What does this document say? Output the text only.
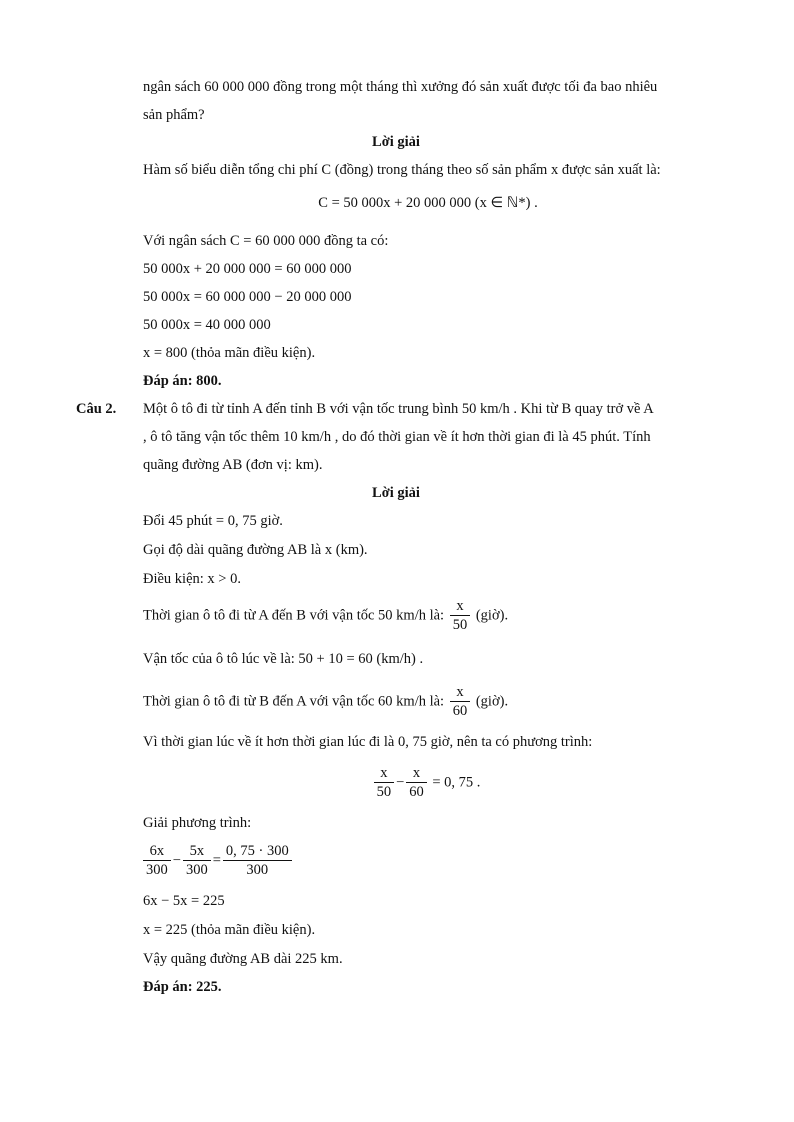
ngân sách 60 000 000 đồng trong một tháng thì xưởng đó sản xuất được tối đa bao nhiêu
sản phẩm?
Lời giải
Hàm số biểu diễn tổng chi phí C (đồng) trong tháng theo số sản phẩm x được sản xuất là:
C = 50 000x + 20 000 000 (x ∈ ℕ*) .
Với ngân sách C = 60 000 000 đồng ta có:
50 000x + 20 000 000 = 60 000 000
50 000x = 60 000 000 − 20 000 000
50 000x = 40 000 000
x = 800 (thỏa mãn điều kiện).
Đáp án: 800.
Câu 2. Một ô tô đi từ tỉnh A đến tỉnh B với vận tốc trung bình 50 km/h . Khi từ B quay trở về A
, ô tô tăng vận tốc thêm 10 km/h , do đó thời gian về ít hơn thời gian đi là 45 phút. Tính
quãng đường AB (đơn vị: km).
Lời giải
Đổi 45 phút = 0, 75 giờ.
Gọi độ dài quãng đường AB là x (km).
Điều kiện: x > 0.
Thời gian ô tô đi từ A đến B với vận tốc 50 km/h là: $\frac{x}{50}$ (giờ).
Vận tốc của ô tô lúc về là: 50 + 10 = 60 (km/h) .
Thời gian ô tô đi từ B đến A với vận tốc 60 km/h là: $\frac{x}{60}$ (giờ).
Vì thời gian lúc về ít hơn thời gian lúc đi là 0, 75 giờ, nên ta có phương trình:
$\frac{x}{50} - \frac{x}{60} = 0$, 75 .
Giải phương trình:
$\frac{6x}{300} - \frac{5x}{300} = \frac{0, 75 \cdot 300}{300}$
6x − 5x = 225
x = 225 (thỏa mãn điều kiện).
Vậy quãng đường AB dài 225 km.
Đáp án: 225.
